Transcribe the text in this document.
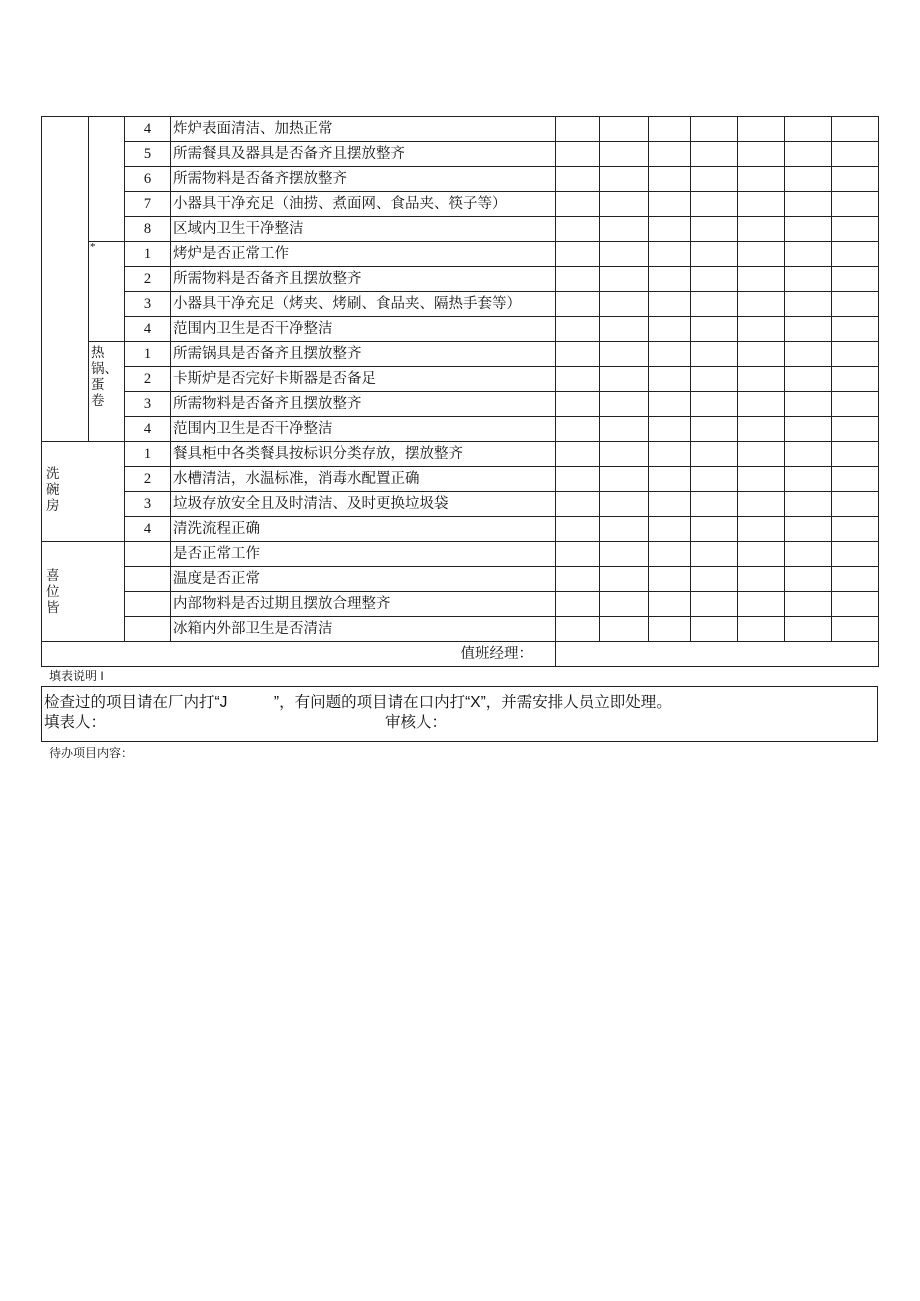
		4	炸炉表面清洁、加热正常							
		5	所需餐具及器具是否备齐且摆放整齐							
		6	所需物料是否备齐摆放整齐							
		7	小器具干净充足（油捞、煮面网、食品夹、筷子等）							
		8	区域内卫生干净整洁							

	*	1	烤炉是否正常工作							
		2	所需物料是否备齐且摆放整齐							
		3	小器具干净充足（烤夹、烤刷、食品夹、隔热手套等）							
		4	范围内卫生是否干净整洁							

	热锅、蛋卷	1	所需锅具是否备齐且摆放整齐							
		2	卡斯炉是否完好卡斯器是否备足							
		3	所需物料是否备齐且摆放整齐							
		4	范围内卫生是否干净整洁							

洗碗房		1	餐具柜中各类餐具按标识分类存放，摆放整齐							
		2	水槽清洁，水温标准，消毒水配置正确							
		3	垃圾存放安全且及时清洁、及时更换垃圾袋							
		4	清洗流程正确							

喜位皆			是否正常工作							
			温度是否正常							
			内部物料是否过期且摆放合理整齐							
			冰箱内外部卫生是否清洁							
值班经理：										
填表说明 I
检查过的项目请在厂内打“J　　　”，有问题的项目请在口内打“X”，并需安排人员立即处理。
填表人：	审核人：
待办项目内容：
